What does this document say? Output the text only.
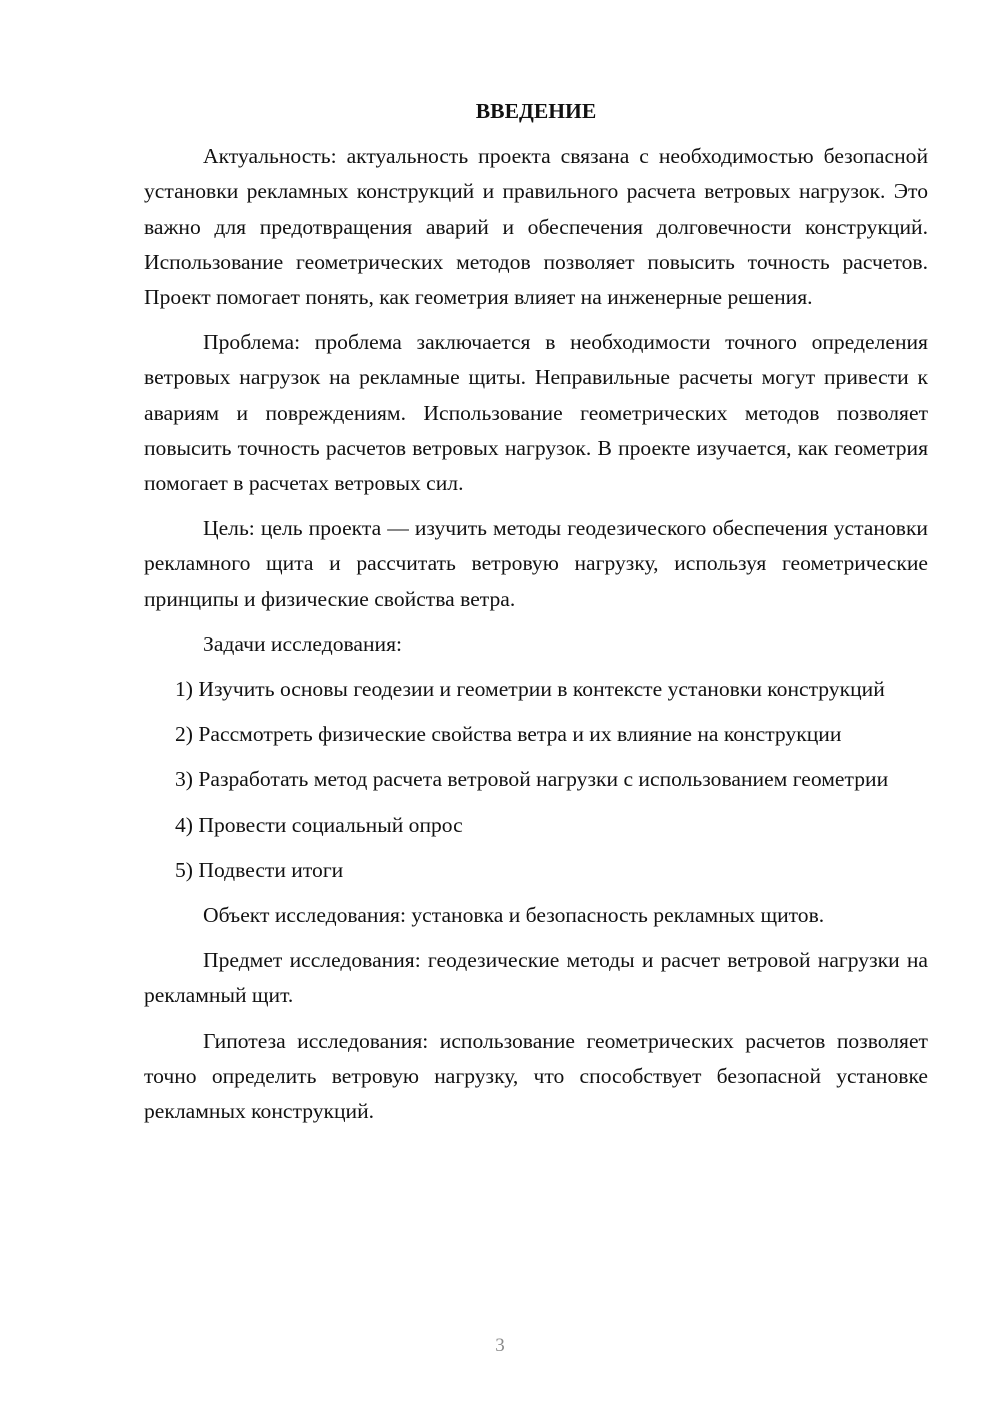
ВВЕДЕНИЕ

Актуальность: актуальность проекта связана с необходимостью безопасной установки рекламных конструкций и правильного расчета ветровых нагрузок. Это важно для предотвращения аварий и обеспечения долговечности конструкций. Использование геометрических методов позволяет повысить точность расчетов. Проект помогает понять, как геометрия влияет на инженерные решения.

Проблема: проблема заключается в необходимости точного определения ветровых нагрузок на рекламные щиты. Неправильные расчеты могут привести к авариям и повреждениям. Использование геометрических методов позволяет повысить точность расчетов ветровых нагрузок. В проекте изучается, как геометрия помогает в расчетах ветровых сил.

Цель: цель проекта — изучить методы геодезического обеспечения установки рекламного щита и рассчитать ветровую нагрузку, используя геометрические принципы и физические свойства ветра.

Задачи исследования:

1) Изучить основы геодезии и геометрии в контексте установки конструкций

2) Рассмотреть физические свойства ветра и их влияние на конструкции

3) Разработать метод расчета ветровой нагрузки с использованием геометрии

4) Провести социальный опрос

5) Подвести итоги

Объект исследования: установка и безопасность рекламных щитов.

Предмет исследования: геодезические методы и расчет ветровой нагрузки на рекламный щит.

Гипотеза исследования: использование геометрических расчетов позволяет точно определить ветровую нагрузку, что способствует безопасной установке рекламных конструкций.

3
